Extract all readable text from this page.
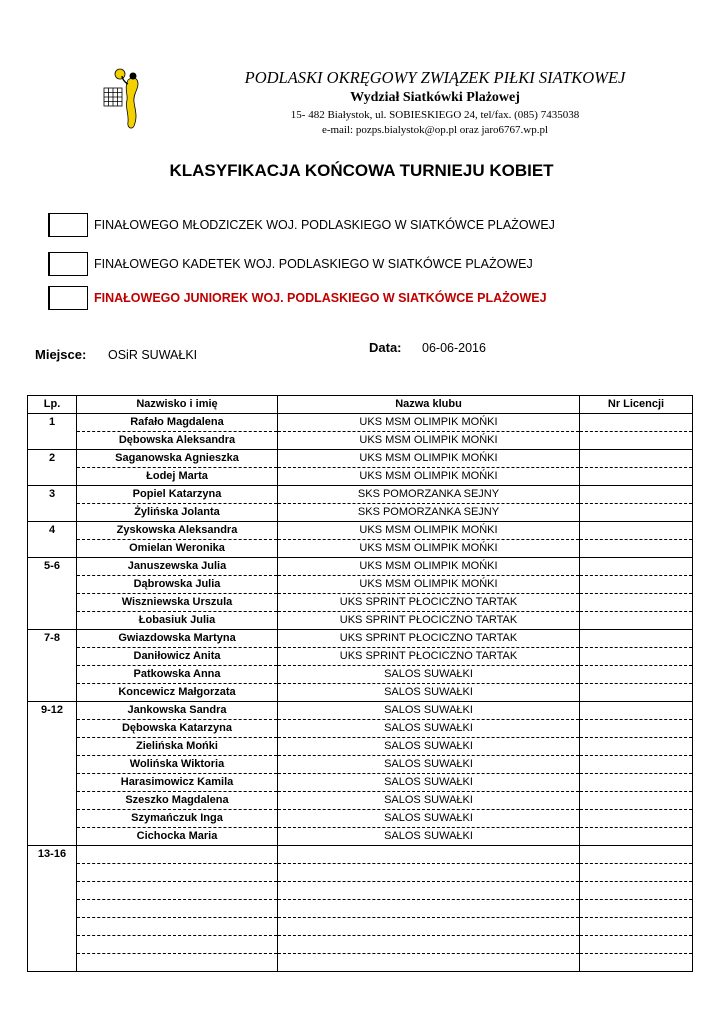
PODLASKI OKRĘGOWY ZWIĄZEK PIŁKI SIATKOWEJ
Wydział Siatkówki Plażowej
15- 482 Białystok, ul. SOBIESKIEGO 24, tel/fax. (085) 7435038
e-mail: pozps.bialystok@op.pl oraz jaro6767.wp.pl
KLASYFIKACJA KOŃCOWA TURNIEJU KOBIET
FINAŁOWEGO MŁODZICZEK WOJ. PODLASKIEGO W SIATKÓWCE PLAŻOWEJ
FINAŁOWEGO KADETEK WOJ. PODLASKIEGO W SIATKÓWCE PLAŻOWEJ
FINAŁOWEGO JUNIOREK WOJ. PODLASKIEGO W SIATKÓWCE PLAŻOWEJ
Miejsce: OSiR SUWAŁKI	Data: 06-06-2016
Lp.	Nazwisko i imię	Nazwa klubu	Nr Licencji
1	Rafało Magdalena	UKS MSM OLIMPIK MOŃKI	
	Dębowska Aleksandra	UKS MSM OLIMPIK MOŃKI	
2	Saganowska Agnieszka	UKS MSM OLIMPIK MOŃKI	
	Łodej Marta	UKS MSM OLIMPIK MOŃKI	
3	Popiel Katarzyna	SKS POMORZANKA SEJNY	
	Żylińska Jolanta	SKS POMORZANKA SEJNY	
4	Zyskowska Aleksandra	UKS MSM OLIMPIK MOŃKI	
	Omielan Weronika	UKS MSM OLIMPIK MOŃKI	
5-6	Januszewska Julia	UKS MSM OLIMPIK MOŃKI	
	Dąbrowska Julia	UKS MSM OLIMPIK MOŃKI	
	Wiszniewska Urszula	UKS SPRINT PŁOCICZNO TARTAK	
	Łobasiuk Julia	UKS SPRINT PŁOCICZNO TARTAK	
7-8	Gwiazdowska Martyna	UKS SPRINT PŁOCICZNO TARTAK	
	Daniłowicz Anita	UKS SPRINT PŁOCICZNO TARTAK	
	Patkowska Anna	SALOS SUWAŁKI	
	Koncewicz Małgorzata	SALOS SUWAŁKI	
9-12	Jankowska Sandra	SALOS SUWAŁKI	
	Dębowska Katarzyna	SALOS SUWAŁKI	
	Zielińska Mońki	SALOS SUWAŁKI	
	Wolińska Wiktoria	SALOS SUWAŁKI	
	Harasimowicz Kamila	SALOS SUWAŁKI	
	Szeszko Magdalena	SALOS SUWAŁKI	
	Szymańczuk Inga	SALOS SUWAŁKI	
	Cichocka Maria	SALOS SUWAŁKI	
13-16			
